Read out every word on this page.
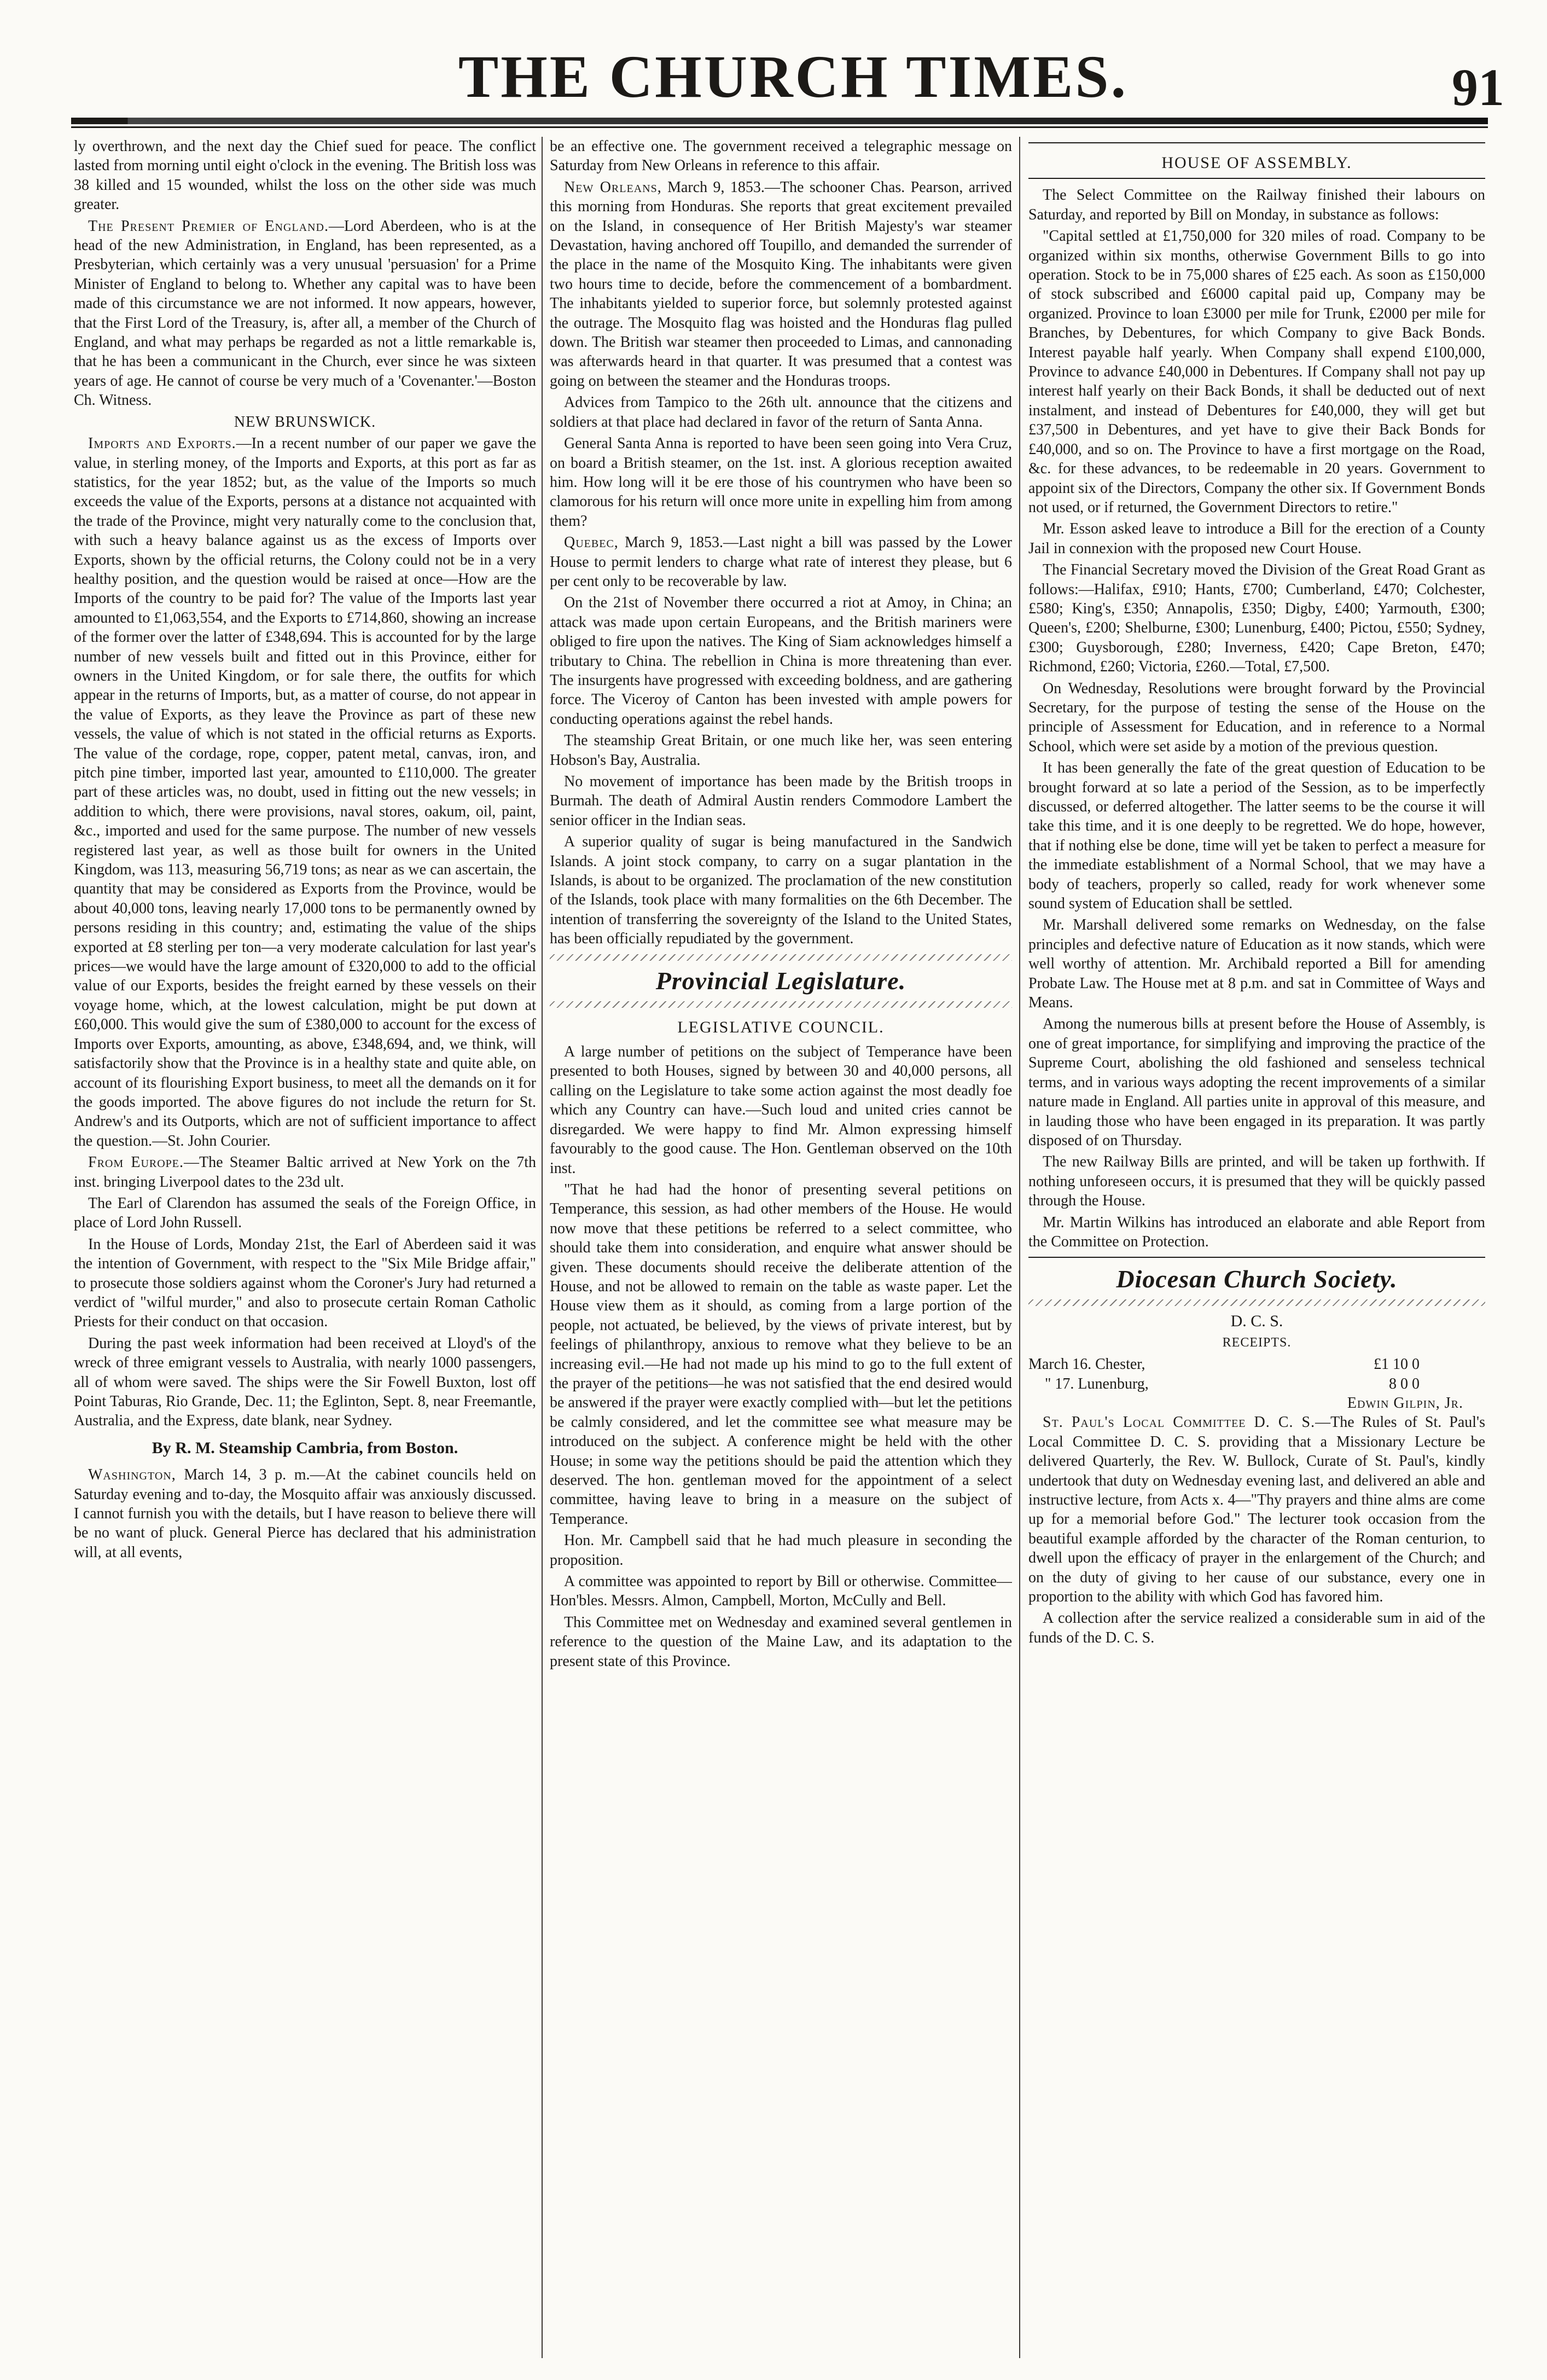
THE CHURCH TIMES.	91

ly overthrown, and the next day the Chief sued for peace. The conflict lasted from morning until eight o'clock in the evening. The British loss was 38 killed and 15 wounded, whilst the loss on the other side was much greater.

The Present Premier of England.—Lord Aberdeen, who is at the head of the new Administration, in England, has been represented, as a Presbyterian, which certainly was a very unusual 'persuasion' for a Prime Minister of England to belong to. Whether any capital was to have been made of this circumstance we are not informed. It now appears, however, that the First Lord of the Treasury, is, after all, a member of the Church of England, and what may perhaps be regarded as not a little remarkable is, that he has been a communicant in the Church, ever since he was sixteen years of age. He cannot of course be very much of a 'Covenanter.'—Boston Ch. Witness.

NEW BRUNSWICK.

Imports and Exports.—In a recent number of our paper we gave the value, in sterling money, of the Imports and Exports, at this port as far as statistics, for the year 1852; but, as the value of the Imports so much exceeds the value of the Exports, persons at a distance not acquainted with the trade of the Province, might very naturally come to the conclusion that, with such a heavy balance against us as the excess of Imports over Exports, shown by the official returns, the Colony could not be in a very healthy position, and the question would be raised at once—How are the Imports of the country to be paid for? The value of the Imports last year amounted to £1,063,554, and the Exports to £714,860, showing an increase of the former over the latter of £348,694. This is accounted for by the large number of new vessels built and fitted out in this Province, either for owners in the United Kingdom, or for sale there, the outfits for which appear in the returns of Imports, but, as a matter of course, do not appear in the value of Exports, as they leave the Province as part of these new vessels, the value of which is not stated in the official returns as Exports. The value of the cordage, rope, copper, patent metal, canvas, iron, and pitch pine timber, imported last year, amounted to £110,000. The greater part of these articles was, no doubt, used in fitting out the new vessels; in addition to which, there were provisions, naval stores, oakum, oil, paint, &c., imported and used for the same purpose. The number of new vessels registered last year, as well as those built for owners in the United Kingdom, was 113, measuring 56,719 tons; as near as we can ascertain, the quantity that may be considered as Exports from the Province, would be about 40,000 tons, leaving nearly 17,000 tons to be permanently owned by persons residing in this country; and, estimating the value of the ships exported at £8 sterling per ton—a very moderate calculation for last year's prices—we would have the large amount of £320,000 to add to the official value of our Exports, besides the freight earned by these vessels on their voyage home, which, at the lowest calculation, might be put down at £60,000. This would give the sum of £380,000 to account for the excess of Imports over Exports, amounting, as above, £348,694, and, we think, will satisfactorily show that the Province is in a healthy state and quite able, on account of its flourishing Export business, to meet all the demands on it for the goods imported. The above figures do not include the return for St. Andrew's and its Outports, which are not of sufficient importance to affect the question.—St. John Courier.

From Europe.—The Steamer Baltic arrived at New York on the 7th inst. bringing Liverpool dates to the 23d ult.

The Earl of Clarendon has assumed the seals of the Foreign Office, in place of Lord John Russell.

In the House of Lords, Monday 21st, the Earl of Aberdeen said it was the intention of Government, with respect to the "Six Mile Bridge affair," to prosecute those soldiers against whom the Coroner's Jury had returned a verdict of "wilful murder," and also to prosecute certain Roman Catholic Priests for their conduct on that occasion.

During the past week information had been received at Lloyd's of the wreck of three emigrant vessels to Australia, with nearly 1000 passengers, all of whom were saved. The ships were the Sir Fowell Buxton, lost off Point Taburas, Rio Grande, Dec. 11; the Eglinton, Sept. 8, near Freemantle, Australia, and the Express, date blank, near Sydney.

By R. M. Steamship Cambria, from Boston.

Washington, March 14, 3 p. m.—At the cabinet councils held on Saturday evening and to-day, the Mosquito affair was anxiously discussed. I cannot furnish you with the details, but I have reason to believe there will be no want of pluck. General Pierce has declared that his administration will, at all events,

be an effective one. The government received a telegraphic message on Saturday from New Orleans in reference to this affair.

New Orleans, March 9, 1853.—The schooner Chas. Pearson, arrived this morning from Honduras. She reports that great excitement prevailed on the Island, in consequence of Her British Majesty's war steamer Devastation, having anchored off Toupillo, and demanded the surrender of the place in the name of the Mosquito King. The inhabitants were given two hours time to decide, before the commencement of a bombardment. The inhabitants yielded to superior force, but solemnly protested against the outrage. The Mosquito flag was hoisted and the Honduras flag pulled down. The British war steamer then proceeded to Limas, and cannonading was afterwards heard in that quarter. It was presumed that a contest was going on between the steamer and the Honduras troops.

Advices from Tampico to the 26th ult. announce that the citizens and soldiers at that place had declared in favor of the return of Santa Anna.

General Santa Anna is reported to have been seen going into Vera Cruz, on board a British steamer, on the 1st. inst. A glorious reception awaited him. How long will it be ere those of his countrymen who have been so clamorous for his return will once more unite in expelling him from among them?

Quebec, March 9, 1853.—Last night a bill was passed by the Lower House to permit lenders to charge what rate of interest they please, but 6 per cent only to be recoverable by law.

On the 21st of November there occurred a riot at Amoy, in China; an attack was made upon certain Europeans, and the British mariners were obliged to fire upon the natives. The King of Siam acknowledges himself a tributary to China. The rebellion in China is more threatening than ever. The insurgents have progressed with exceeding boldness, and are gathering force. The Viceroy of Canton has been invested with ample powers for conducting operations against the rebel hands.

The steamship Great Britain, or one much like her, was seen entering Hobson's Bay, Australia.

No movement of importance has been made by the British troops in Burmah. The death of Admiral Austin renders Commodore Lambert the senior officer in the Indian seas.

A superior quality of sugar is being manufactured in the Sandwich Islands. A joint stock company, to carry on a sugar plantation in the Islands, is about to be organized. The proclamation of the new constitution of the Islands, took place with many formalities on the 6th December. The intention of transferring the sovereignty of the Island to the United States, has been officially repudiated by the government.

Provincial Legislature.
LEGISLATIVE COUNCIL.

A large number of petitions on the subject of Temperance have been presented to both Houses, signed by between 30 and 40,000 persons, all calling on the Legislature to take some action against the most deadly foe which any Country can have.—Such loud and united cries cannot be disregarded. We were happy to find Mr. Almon expressing himself favourably to the good cause. The Hon. Gentleman observed on the 10th inst.

"That he had had the honor of presenting several petitions on Temperance, this session, as had other members of the House. He would now move that these petitions be referred to a select committee, who should take them into consideration, and enquire what answer should be given. These documents should receive the deliberate attention of the House, and not be allowed to remain on the table as waste paper. Let the House view them as it should, as coming from a large portion of the people, not actuated, be believed, by the views of private interest, but by feelings of philanthropy, anxious to remove what they believe to be an increasing evil.—He had not made up his mind to go to the full extent of the prayer of the petitions—he was not satisfied that the end desired would be answered if the prayer were exactly complied with—but let the petitions be calmly considered, and let the committee see what measure may be introduced on the subject. A conference might be held with the other House; in some way the petitions should be paid the attention which they deserved. The hon. gentleman moved for the appointment of a select committee, having leave to bring in a measure on the subject of Temperance.

Hon. Mr. Campbell said that he had much pleasure in seconding the proposition.

A committee was appointed to report by Bill or otherwise. Committee—Hon'bles. Messrs. Almon, Campbell, Morton, McCully and Bell.

This Committee met on Wednesday and examined several gentlemen in reference to the question of the Maine Law, and its adaptation to the present state of this Province.

HOUSE OF ASSEMBLY.

The Select Committee on the Railway finished their labours on Saturday, and reported by Bill on Monday, in substance as follows:

"Capital settled at £1,750,000 for 320 miles of road. Company to be organized within six months, otherwise Government Bills to go into operation. Stock to be in 75,000 shares of £25 each. As soon as £150,000 of stock subscribed and £6000 capital paid up, Company may be organized. Province to loan £3000 per mile for Trunk, £2000 per mile for Branches, by Debentures, for which Company to give Back Bonds. Interest payable half yearly. When Company shall expend £100,000, Province to advance £40,000 in Debentures. If Company shall not pay up interest half yearly on their Back Bonds, it shall be deducted out of next instalment, and instead of Debentures for £40,000, they will get but £37,500 in Debentures, and yet have to give their Back Bonds for £40,000, and so on. The Province to have a first mortgage on the Road, &c. for these advances, to be redeemable in 20 years. Government to appoint six of the Directors, Company the other six. If Government Bonds not used, or if returned, the Government Directors to retire."

Mr. Esson asked leave to introduce a Bill for the erection of a County Jail in connexion with the proposed new Court House.

The Financial Secretary moved the Division of the Great Road Grant as follows:—Halifax, £910; Hants, £700; Cumberland, £470; Colchester, £580; King's, £350; Annapolis, £350; Digby, £400; Yarmouth, £300; Queen's, £200; Shelburne, £300; Lunenburg, £400; Pictou, £550; Sydney, £300; Guysborough, £280; Inverness, £420; Cape Breton, £470; Richmond, £260; Victoria, £260.—Total, £7,500.

On Wednesday, Resolutions were brought forward by the Provincial Secretary, for the purpose of testing the sense of the House on the principle of Assessment for Education, and in reference to a Normal School, which were set aside by a motion of the previous question.

It has been generally the fate of the great question of Education to be brought forward at so late a period of the Session, as to be imperfectly discussed, or deferred altogether. The latter seems to be the course it will take this time, and it is one deeply to be regretted. We do hope, however, that if nothing else be done, time will yet be taken to perfect a measure for the immediate establishment of a Normal School, that we may have a body of teachers, properly so called, ready for work whenever some sound system of Education shall be settled.

Mr. Marshall delivered some remarks on Wednesday, on the false principles and defective nature of Education as it now stands, which were well worthy of attention. Mr. Archibald reported a Bill for amending Probate Law. The House met at 8 p.m. and sat in Committee of Ways and Means.

Among the numerous bills at present before the House of Assembly, is one of great importance, for simplifying and improving the practice of the Supreme Court, abolishing the old fashioned and senseless technical terms, and in various ways adopting the recent improvements of a similar nature made in England. All parties unite in approval of this measure, and in lauding those who have been engaged in its preparation. It was partly disposed of on Thursday.

The new Railway Bills are printed, and will be taken up forthwith. If nothing unforeseen occurs, it is presumed that they will be quickly passed through the House.

Mr. Martin Wilkins has introduced an elaborate and able Report from the Committee on Protection.

Diocesan Church Society.
D. C. S.
RECEIPTS.
March 16. Chester,	£1 10 0
" 17. Lunenburg,	8 0 0
Edwin Gilpin, Jr.

St. Paul's Local Committee D. C. S.—The Rules of St. Paul's Local Committee D. C. S. providing that a Missionary Lecture be delivered Quarterly, the Rev. W. Bullock, Curate of St. Paul's, kindly undertook that duty on Wednesday evening last, and delivered an able and instructive lecture, from Acts x. 4—"Thy prayers and thine alms are come up for a memorial before God." The lecturer took occasion from the beautiful example afforded by the character of the Roman centurion, to dwell upon the efficacy of prayer in the enlargement of the Church; and on the duty of giving to her cause of our substance, every one in proportion to the ability with which God has favored him.

A collection after the service realized a considerable sum in aid of the funds of the D. C. S.
